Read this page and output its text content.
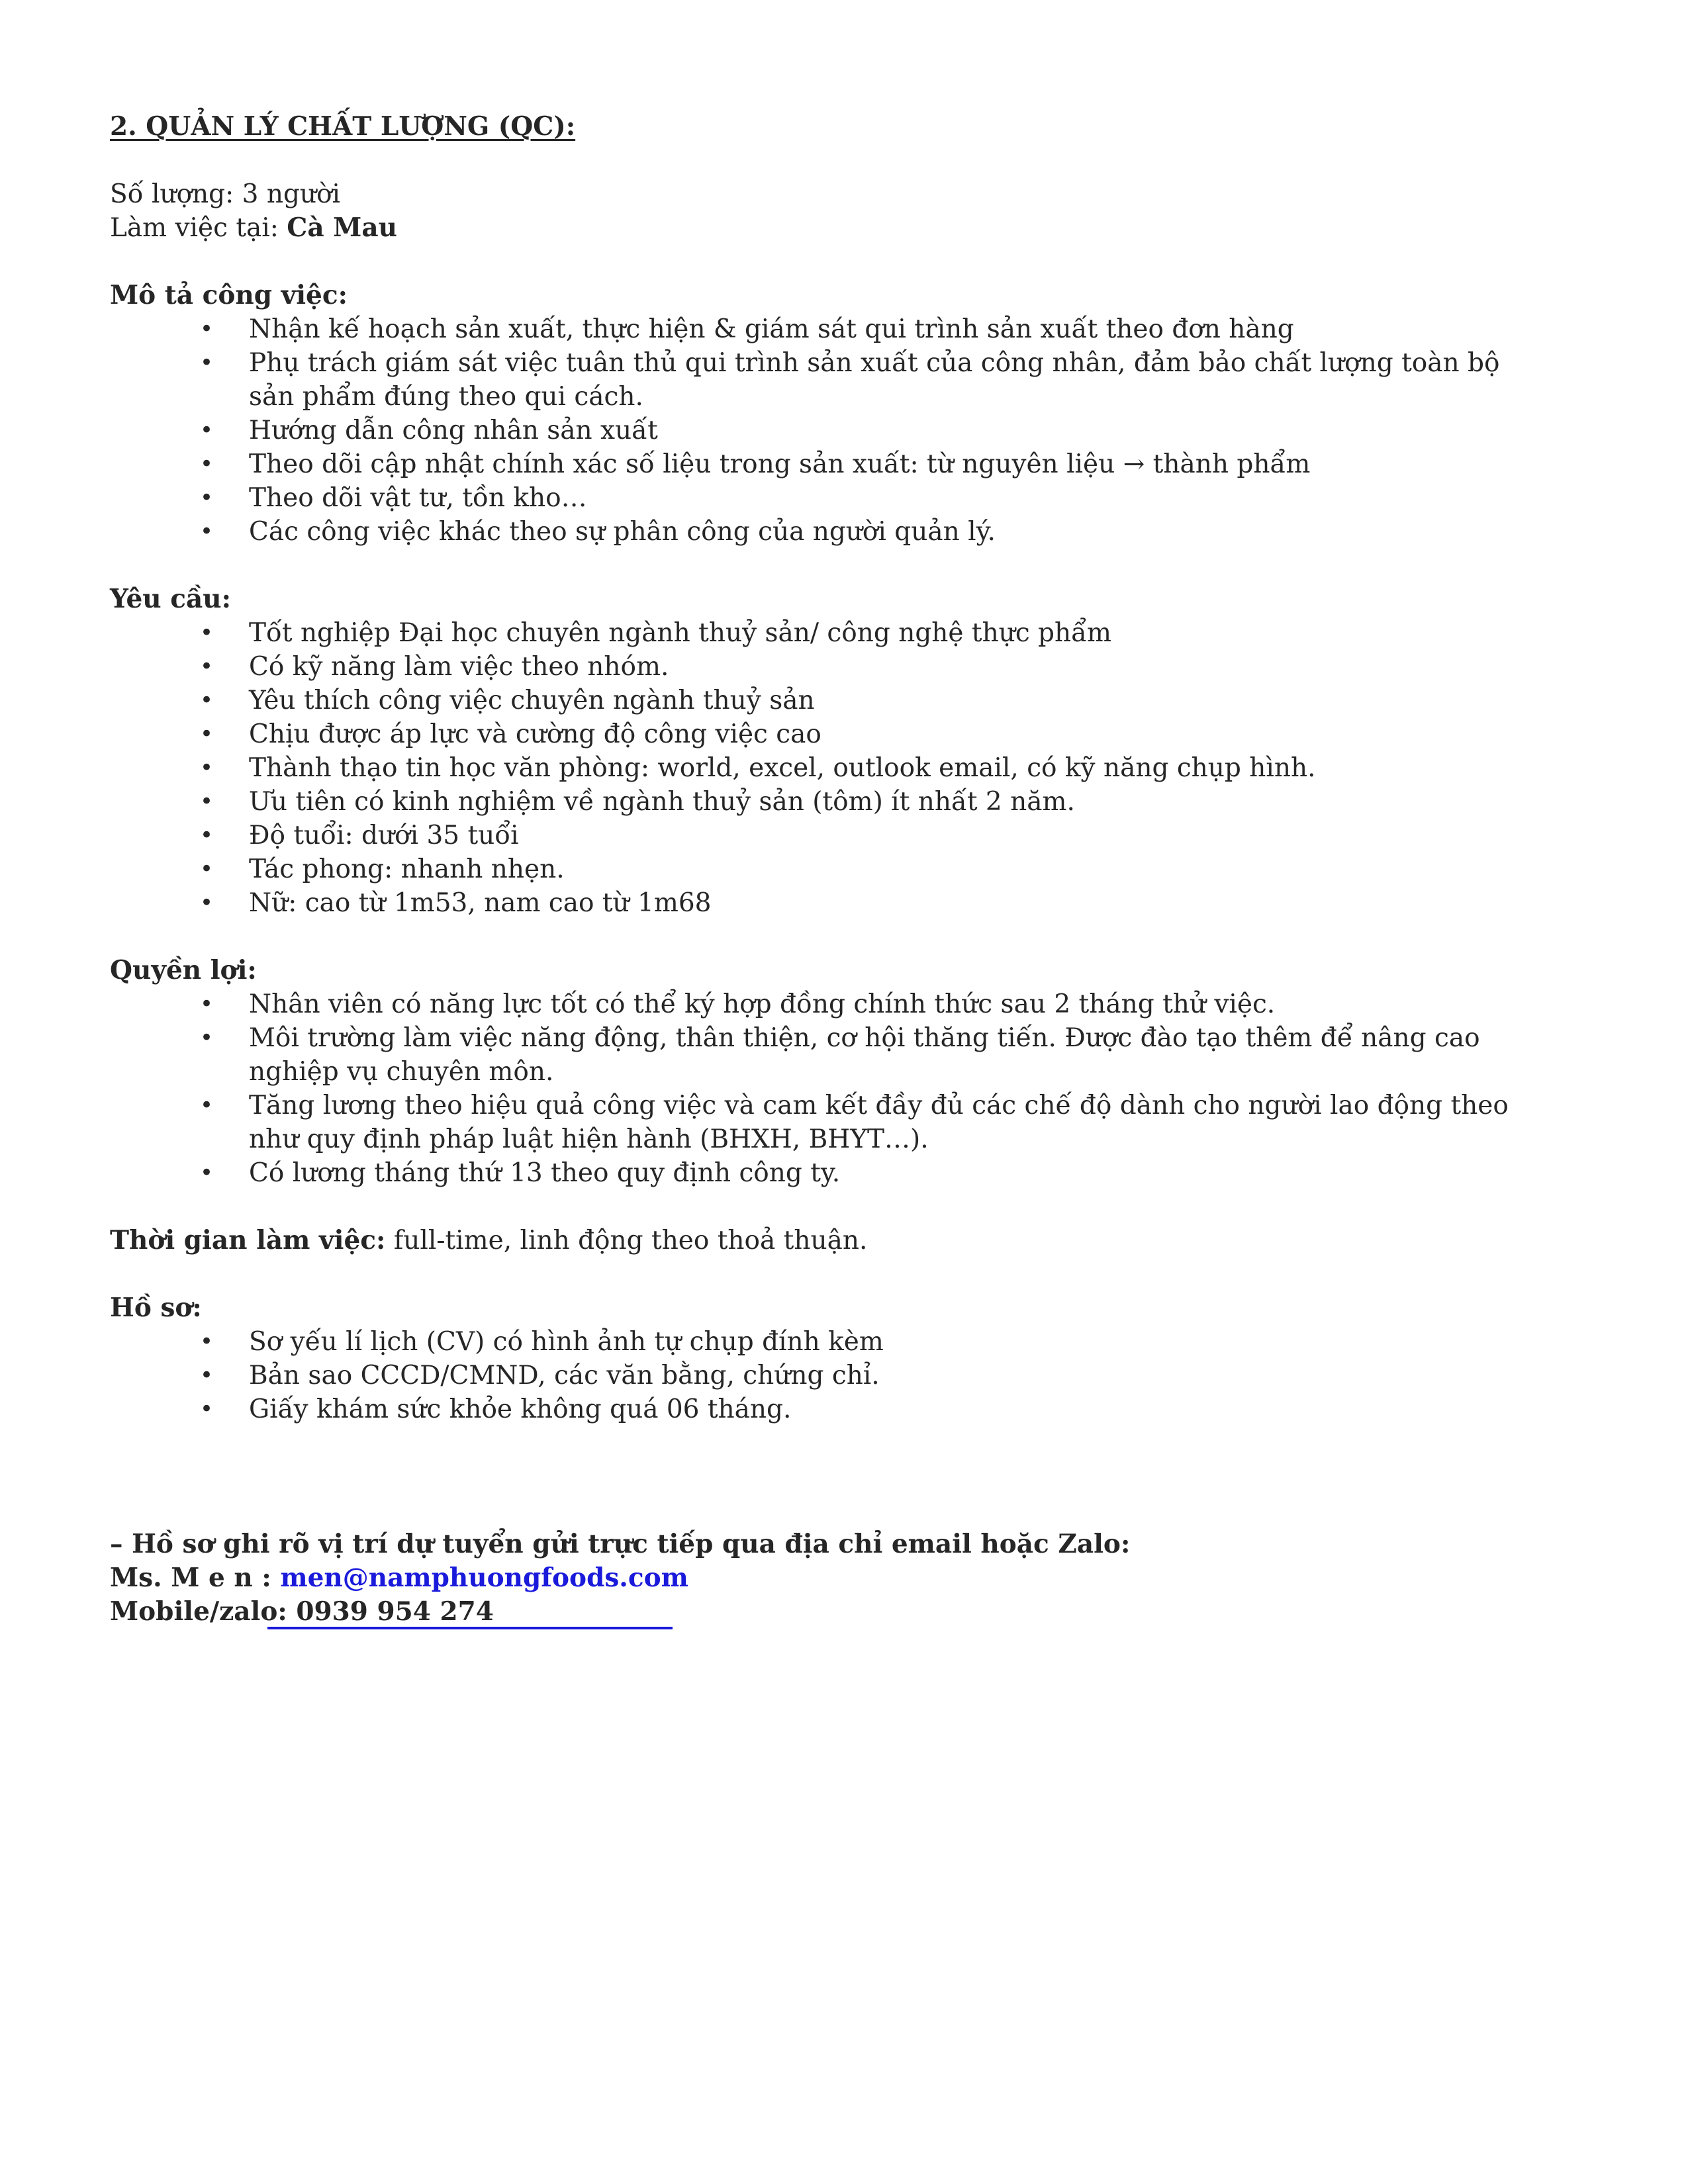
2. QUẢN LÝ CHẤT LƯỢNG (QC):

Số lượng: 3 người

Làm việc tại: Cà Mau

Mô tả công việc:

• Nhận kế hoạch sản xuất, thực hiện & giám sát qui trình sản xuất theo đơn hàng
• Phụ trách giám sát việc tuân thủ qui trình sản xuất của công nhân, đảm bảo chất lượng toàn bộ sản phẩm đúng theo qui cách.
• Hướng dẫn công nhân sản xuất
• Theo dõi cập nhật chính xác số liệu trong sản xuất: từ nguyên liệu → thành phẩm
• Theo dõi vật tư, tồn kho…
• Các công việc khác theo sự phân công của người quản lý.

Yêu cầu:

• Tốt nghiệp Đại học chuyên ngành thuỷ sản/ công nghệ thực phẩm
• Có kỹ năng làm việc theo nhóm.
• Yêu thích công việc chuyên ngành thuỷ sản
• Chịu được áp lực và cường độ công việc cao
• Thành thạo tin học văn phòng: world, excel, outlook email, có kỹ năng chụp hình.
• Ưu tiên có kinh nghiệm về ngành thuỷ sản (tôm) ít nhất 2 năm.
• Độ tuổi: dưới 35 tuổi
• Tác phong: nhanh nhẹn.
• Nữ: cao từ 1m53, nam cao từ 1m68

Quyền lợi:

• Nhân viên có năng lực tốt có thể ký hợp đồng chính thức sau 2 tháng thử việc.
• Môi trường làm việc năng động, thân thiện, cơ hội thăng tiến. Được đào tạo thêm để nâng cao nghiệp vụ chuyên môn.
• Tăng lương theo hiệu quả công việc và cam kết đầy đủ các chế độ dành cho người lao động theo như quy định pháp luật hiện hành (BHXH, BHYT…).
• Có lương tháng thứ 13 theo quy định công ty.

Thời gian làm việc: full-time, linh động theo thoả thuận.

Hồ sơ:

• Sơ yếu lí lịch (CV) có hình ảnh tự chụp đính kèm
• Bản sao CCCD/CMND, các văn bằng, chứng chỉ.
• Giấy khám sức khỏe không quá 06 tháng.

– Hồ sơ ghi rõ vị trí dự tuyển gửi trực tiếp qua địa chỉ email hoặc Zalo:

Ms. M e n : men@namphuongfoods.com

Mobile/zalo: 0939 954 274
